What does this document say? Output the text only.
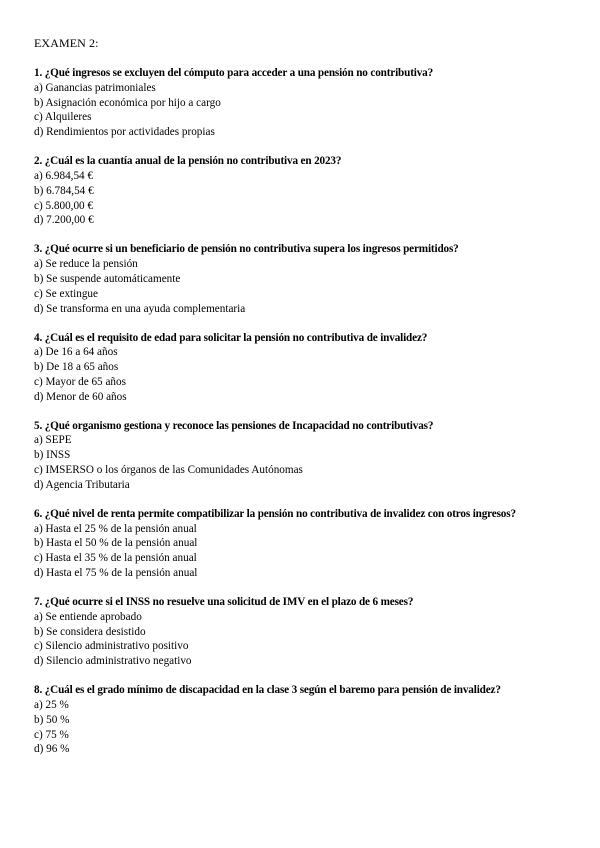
EXAMEN 2:
1. ¿Qué ingresos se excluyen del cómputo para acceder a una pensión no contributiva?
a) Ganancias patrimoniales
b) Asignación económica por hijo a cargo
c) Alquileres
d) Rendimientos por actividades propias
2. ¿Cuál es la cuantía anual de la pensión no contributiva en 2023?
a) 6.984,54 €
b) 6.784,54 €
c) 5.800,00 €
d) 7.200,00 €
3. ¿Qué ocurre si un beneficiario de pensión no contributiva supera los ingresos permitidos?
a) Se reduce la pensión
b) Se suspende automáticamente
c) Se extingue
d) Se transforma en una ayuda complementaria
4. ¿Cuál es el requisito de edad para solicitar la pensión no contributiva de invalidez?
a) De 16 a 64 años
b) De 18 a 65 años
c) Mayor de 65 años
d) Menor de 60 años
5. ¿Qué organismo gestiona y reconoce las pensiones de Incapacidad no contributivas?
a) SEPE
b) INSS
c) IMSERSO o los órganos de las Comunidades Autónomas
d) Agencia Tributaria
6. ¿Qué nivel de renta permite compatibilizar la pensión no contributiva de invalidez con otros ingresos?
a) Hasta el 25 % de la pensión anual
b) Hasta el 50 % de la pensión anual
c) Hasta el 35 % de la pensión anual
d) Hasta el 75 % de la pensión anual
7. ¿Qué ocurre si el INSS no resuelve una solicitud de IMV en el plazo de 6 meses?
a) Se entiende aprobado
b) Se considera desistido
c) Silencio administrativo positivo
d) Silencio administrativo negativo
8. ¿Cuál es el grado mínimo de discapacidad en la clase 3 según el baremo para pensión de invalidez?
a) 25 %
b) 50 %
c) 75 %
d) 96 %
